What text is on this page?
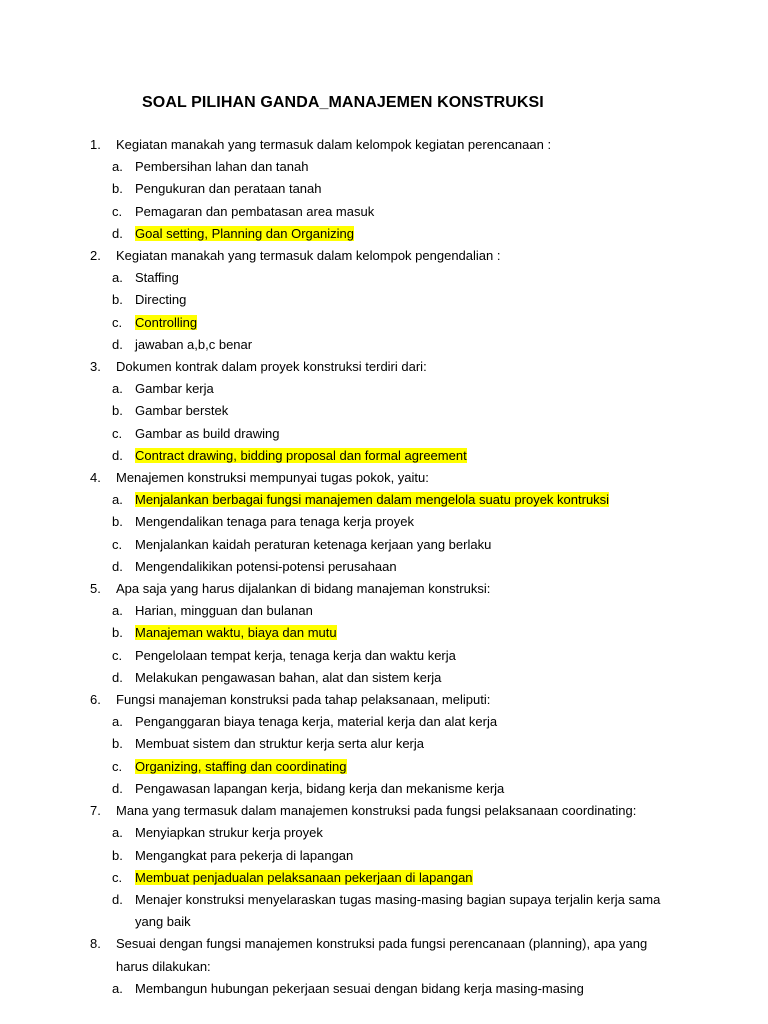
SOAL PILIHAN GANDA_MANAJEMEN KONSTRUKSI
1. Kegiatan manakah yang termasuk dalam kelompok kegiatan perencanaan :
a. Pembersihan lahan dan tanah
b. Pengukuran dan perataan tanah
c. Pemagaran dan pembatasan area masuk
d. Goal setting, Planning dan Organizing
2. Kegiatan manakah yang termasuk dalam kelompok pengendalian :
a. Staffing
b. Directing
c. Controlling
d. jawaban a,b,c benar
3. Dokumen kontrak dalam proyek konstruksi terdiri dari:
a. Gambar kerja
b. Gambar berstek
c. Gambar as build drawing
d. Contract drawing, bidding proposal dan formal agreement
4. Menajemen konstruksi mempunyai tugas pokok, yaitu:
a. Menjalankan berbagai fungsi manajemen dalam mengelola suatu proyek kontruksi
b. Mengendalikan tenaga para tenaga kerja proyek
c. Menjalankan kaidah peraturan ketenaga kerjaan yang berlaku
d. Mengendalikikan potensi-potensi perusahaan
5. Apa saja yang harus dijalankan di bidang manajeman konstruksi:
a. Harian, mingguan dan bulanan
b. Manajeman waktu, biaya dan mutu
c. Pengelolaan tempat kerja, tenaga kerja dan waktu kerja
d. Melakukan pengawasan bahan, alat dan sistem kerja
6. Fungsi manajeman konstruksi pada tahap pelaksanaan, meliputi:
a. Penganggaran biaya tenaga kerja, material kerja dan alat kerja
b. Membuat sistem dan struktur kerja serta alur kerja
c. Organizing, staffing dan coordinating
d. Pengawasan lapangan kerja, bidang kerja dan mekanisme kerja
7. Mana yang termasuk dalam manajemen konstruksi pada fungsi pelaksanaan coordinating:
a. Menyiapkan strukur kerja proyek
b. Mengangkat para pekerja di lapangan
c. Membuat penjadualan pelaksanaan pekerjaan di lapangan
d. Menajer konstruksi menyelaraskan tugas masing-masing bagian supaya terjalin kerja sama yang baik
8. Sesuai dengan fungsi manajemen konstruksi pada fungsi perencanaan (planning), apa yang harus dilakukan:
a. Membangun hubungan pekerjaan sesuai dengan bidang kerja masing-masing
